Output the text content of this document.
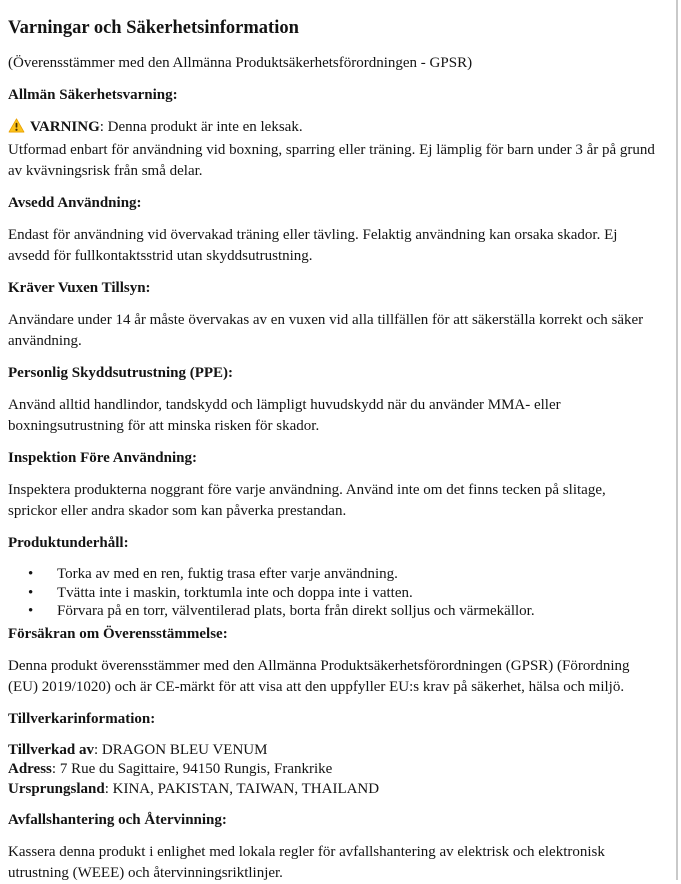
Varningar och Säkerhetsinformation

(Överensstämmer med den Allmänna Produktsäkerhetsförordningen - GPSR)

Allmän Säkerhetsvarning:

VARNING: Denna produkt är inte en leksak.
Utformad enbart för användning vid boxning, sparring eller träning. Ej lämplig för barn under 3 år på grund av kvävningsrisk från små delar.

Avsedd Användning:

Endast för användning vid övervakad träning eller tävling. Felaktig användning kan orsaka skador. Ej avsedd för fullkontaktsstrid utan skyddsutrustning.

Kräver Vuxen Tillsyn:

Användare under 14 år måste övervakas av en vuxen vid alla tillfällen för att säkerställa korrekt och säker användning.

Personlig Skyddsutrustning (PPE):

Använd alltid handlindor, tandskydd och lämpligt huvudskydd när du använder MMA- eller boxningsutrustning för att minska risken för skador.

Inspektion Före Användning:

Inspektera produkterna noggrant före varje användning. Använd inte om det finns tecken på slitage, sprickor eller andra skador som kan påverka prestandan.

Produktunderhåll:

• Torka av med en ren, fuktig trasa efter varje användning.
• Tvätta inte i maskin, torktumla inte och doppa inte i vatten.
• Förvara på en torr, välventilerad plats, borta från direkt solljus och värmekällor.

Försäkran om Överensstämmelse:

Denna produkt överensstämmer med den Allmänna Produktsäkerhetsförordningen (GPSR) (Förordning (EU) 2019/1020) och är CE-märkt för att visa att den uppfyller EU:s krav på säkerhet, hälsa och miljö.

Tillverkarinformation:

Tillverkad av: DRAGON BLEU VENUM
Adress: 7 Rue du Sagittaire, 94150 Rungis, Frankrike
Ursprungsland: KINA, PAKISTAN, TAIWAN, THAILAND

Avfallshantering och Återvinning:

Kassera denna produkt i enlighet med lokala regler för avfallshantering av elektrisk och elektronisk utrustning (WEEE) och återvinningsriktlinjer.
